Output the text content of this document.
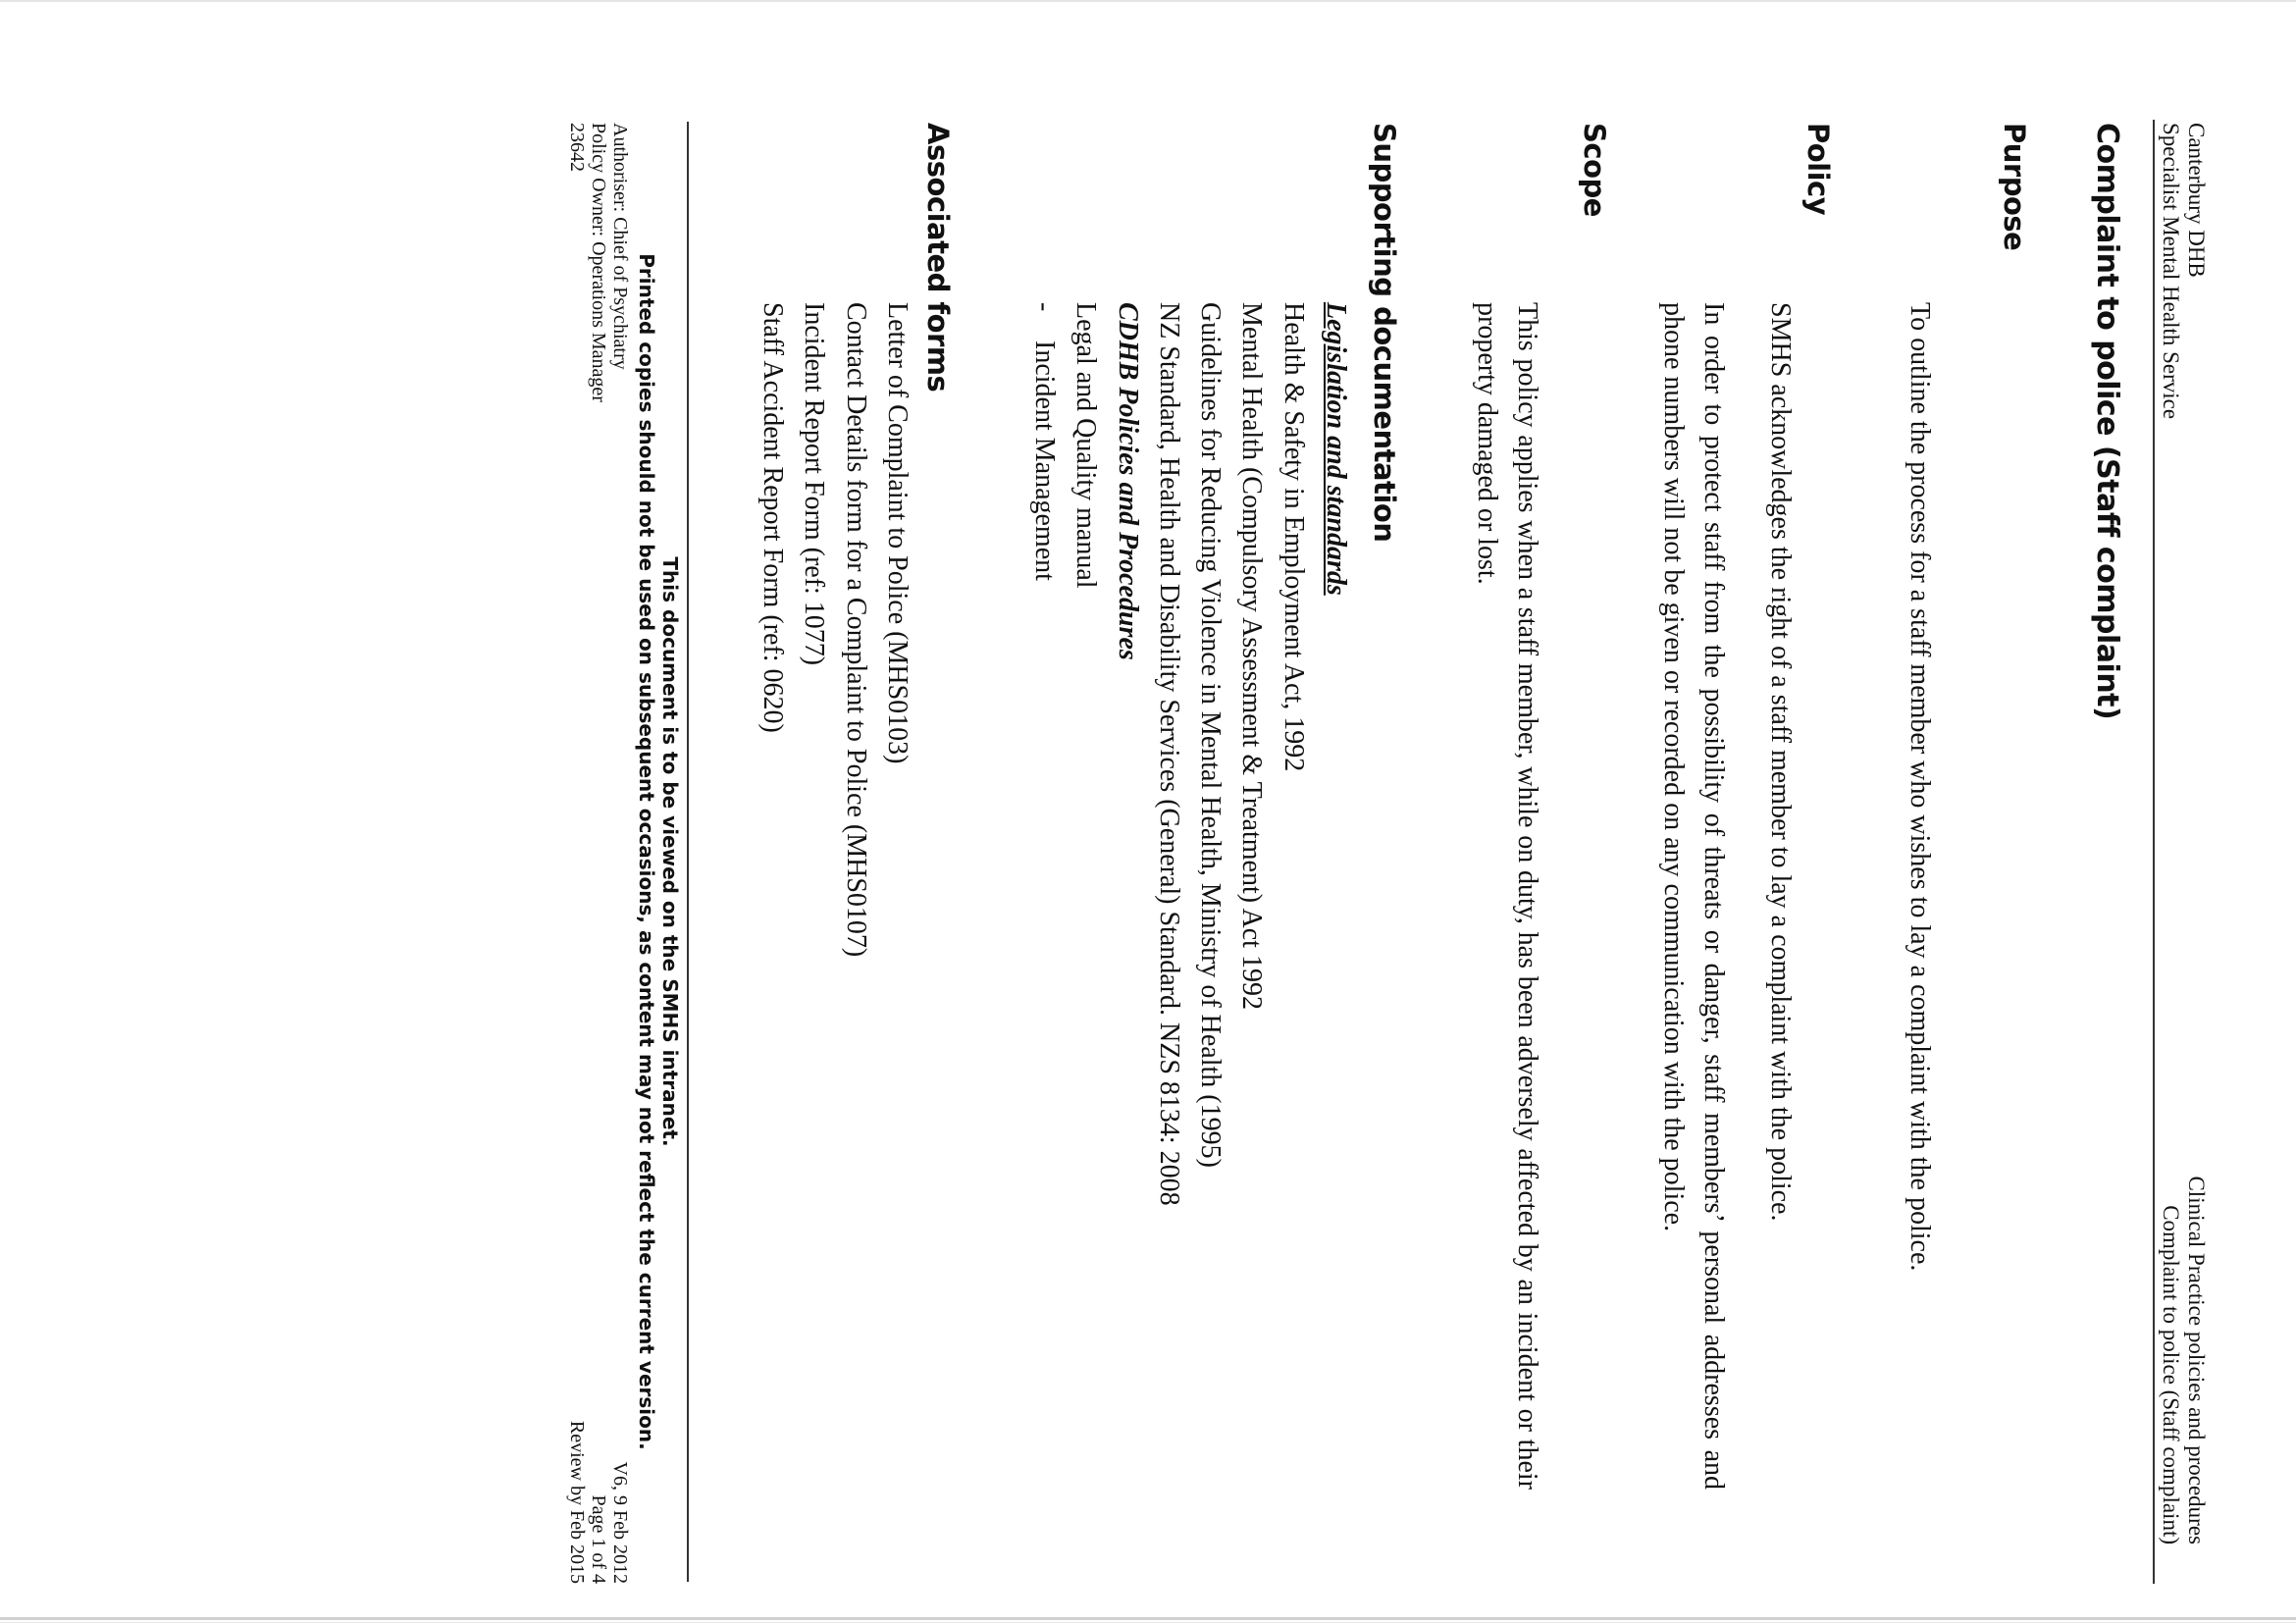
Canterbury DHB
Specialist Mental Health Service
Clinical Practice policies and procedures
Complaint to police (Staff complaint)
Complaint to police (Staff complaint)
Purpose
To outline the process for a staff member who wishes to lay a complaint with the police.
Policy
SMHS acknowledges the right of a staff member to lay a complaint with the police.
In order to protect staff from the possibility of threats or danger, staff members’ personal addresses and phone numbers will not be given or recorded on any communication with the police.
Scope
This policy applies when a staff member, while on duty, has been adversely affected by an incident or their property damaged or lost.
Supporting documentation
Legislation and standards
Health & Safety in Employment Act, 1992
Mental Health (Compulsory Assessment & Treatment) Act 1992
Guidelines for Reducing Violence in Mental Health, Ministry of Health (1995)
NZ Standard, Health and Disability Services (General) Standard. NZS 8134: 2008
CDHB Policies and Procedures
Legal and Quality manual
-
Incident Management
Associated forms
Letter of Complaint to Police (MHS0103)
Contact Details form for a Complaint to Police (MHS0107)
Incident Report Form (ref: 1077)
Staff Accident Report Form (ref: 0620)
This document is to be viewed on the SMHS intranet.
Printed copies should not be used on subsequent occasions, as content may not reflect the current version.
Authoriser: Chief of Psychiatry
Policy Owner: Operations Manager
23642
V6, 9 Feb 2012
Page 1 of 4
Review by Feb 2015
